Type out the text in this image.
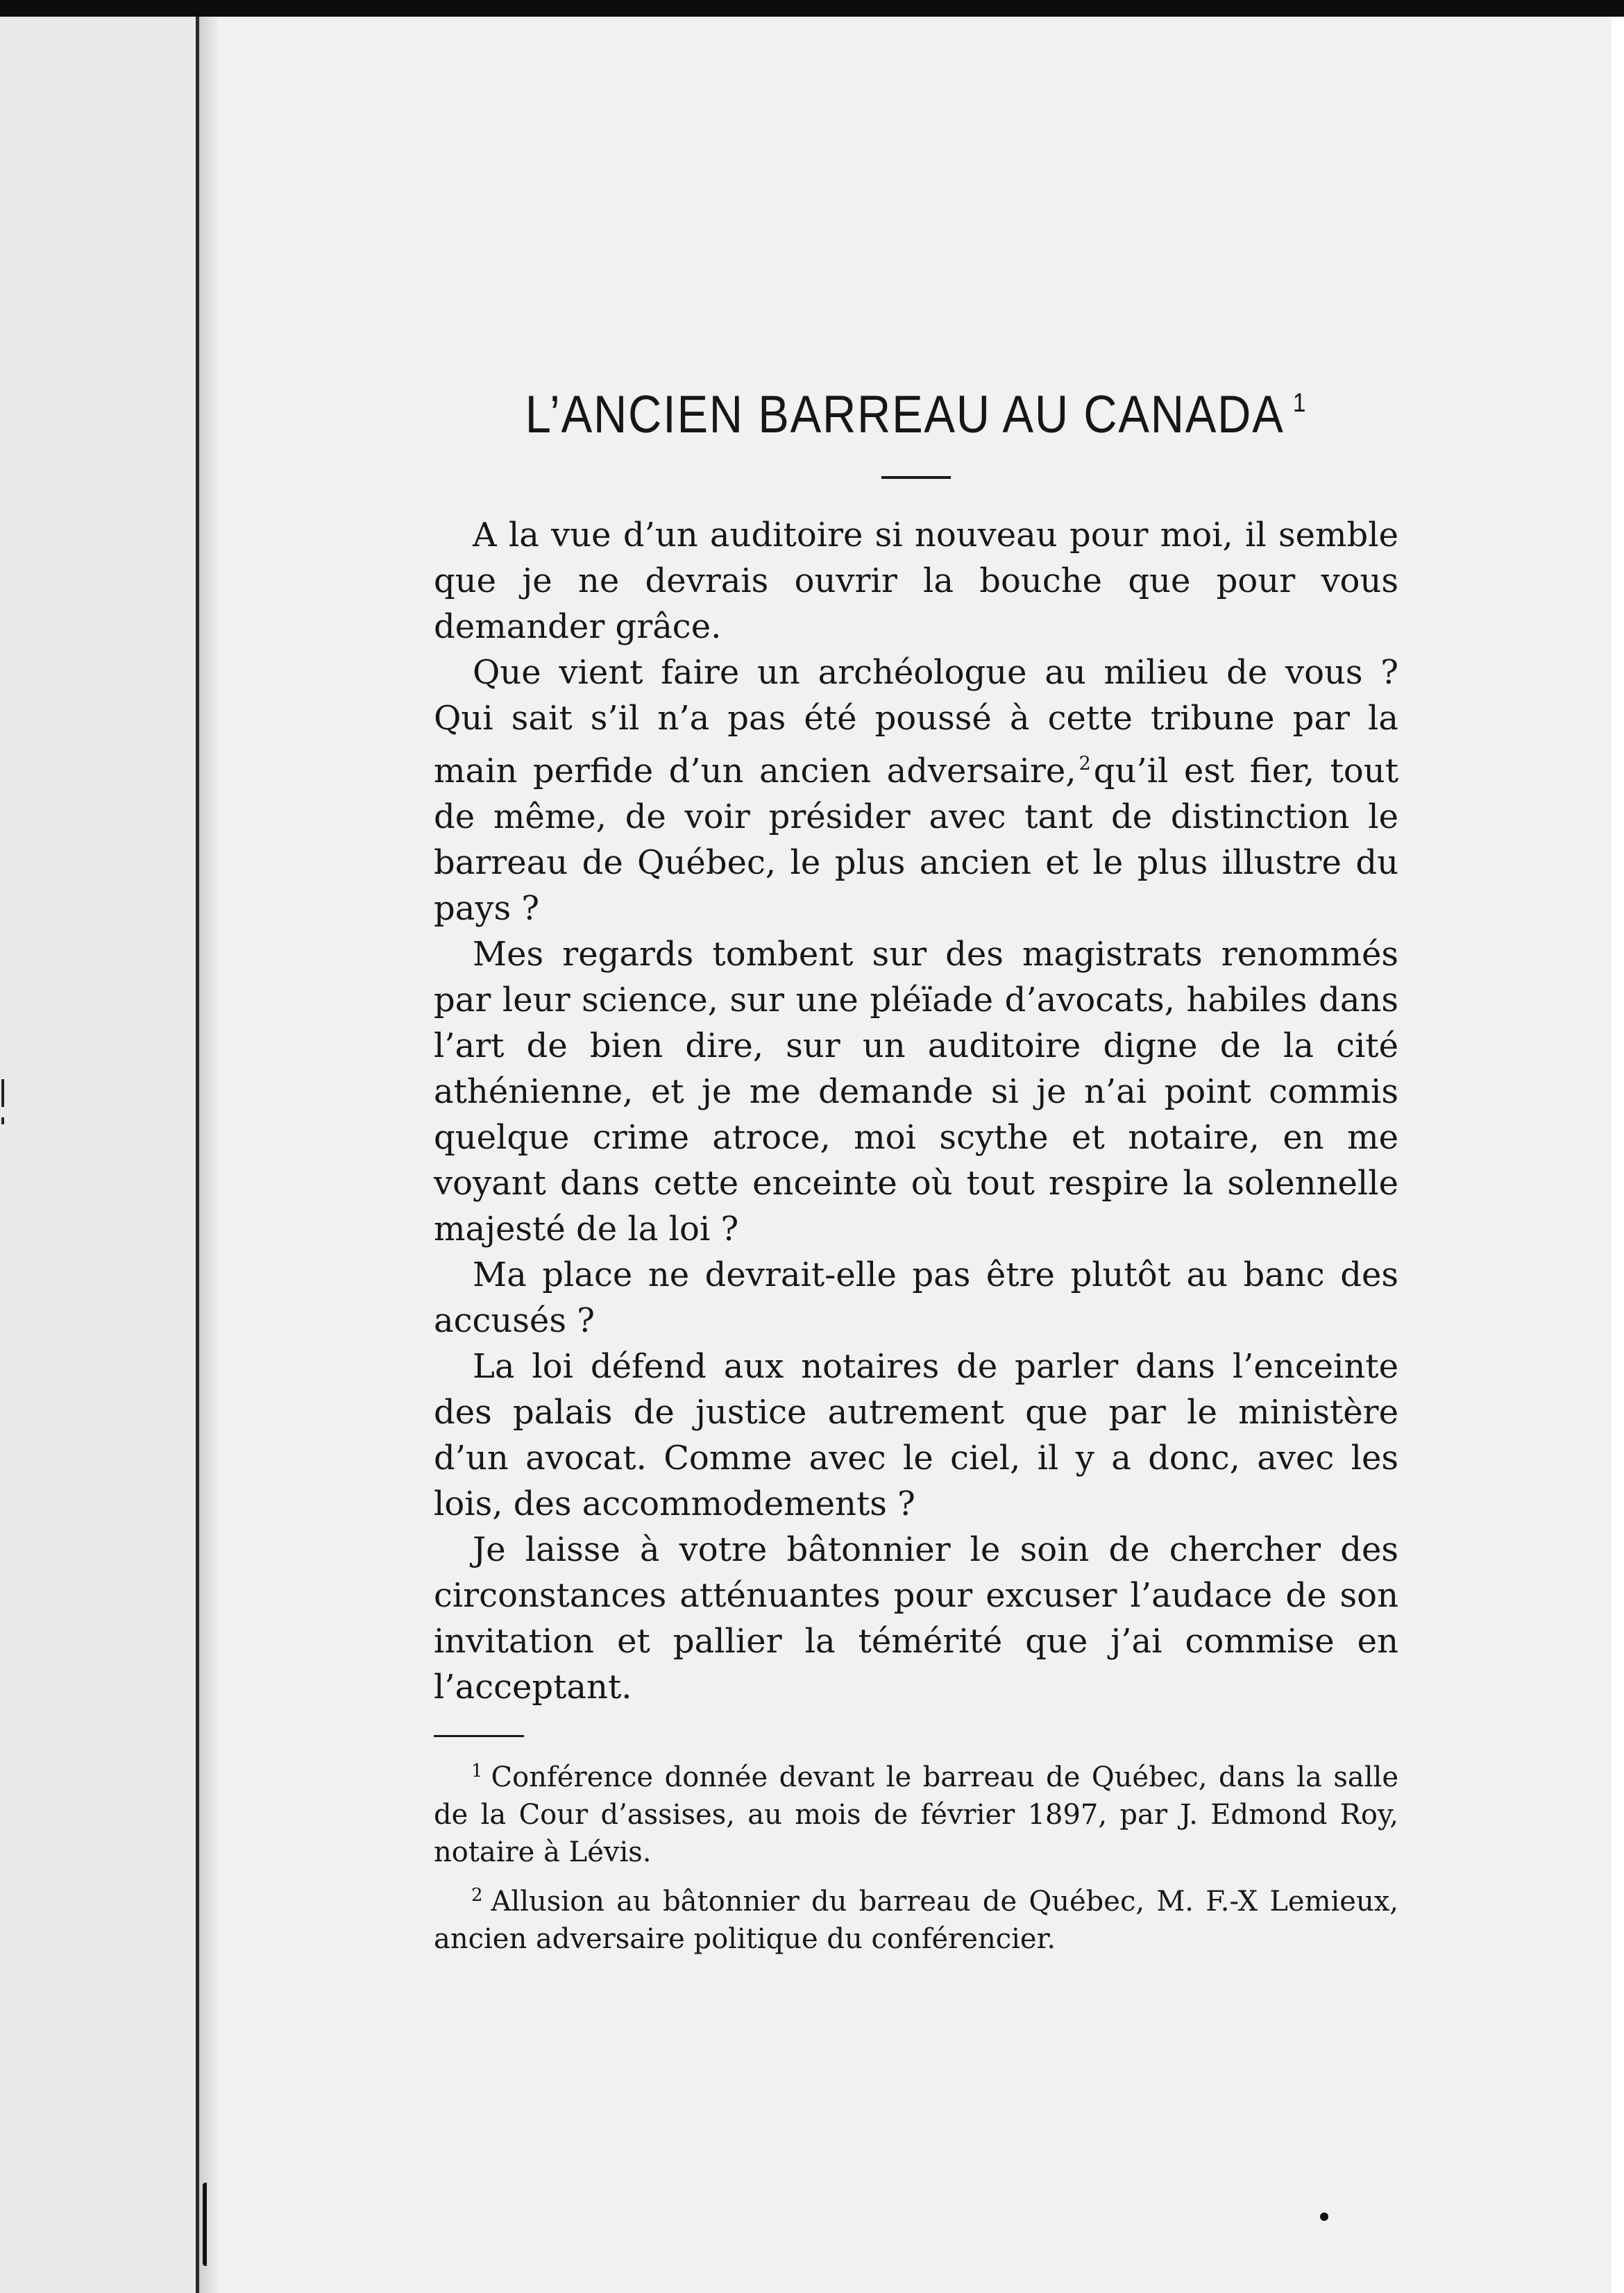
L’ANCIEN BARREAU AU CANADA $^1$

A la vue d’un auditoire si nouveau pour moi, il semble que je ne devrais ouvrir la bouche que pour vous demander grâce.

Que vient faire un archéologue au milieu de vous ? Qui sait s’il n’a pas été poussé à cette tribune par la main perfide d’un ancien adversaire, $^2$qu’il est fier, tout de même, de voir présider avec tant de distinction le barreau de Québec, le plus ancien et le plus illustre du pays ?

Mes regards tombent sur des magistrats renommés par leur science, sur une pléïade d’avocats, habiles dans l’art de bien dire, sur un auditoire digne de la cité athénienne, et je me demande si je n’ai point commis quelque crime atroce, moi scythe et notaire, en me voyant dans cette enceinte où tout respire la solennelle majesté de la loi ?

Ma place ne devrait-elle pas être plutôt au banc des accusés ?

La loi défend aux notaires de parler dans l’enceinte des palais de justice autrement que par le ministère d’un avocat. Comme avec le ciel, il y a donc, avec les lois, des accommodements ?

Je laisse à votre bâtonnier le soin de chercher des circonstances atténuantes pour excuser l’audace de son invitation et pallier la témérité que j’ai commise en l’acceptant.

$^1$ Conférence donnée devant le barreau de Québec, dans la salle de la Cour d’assises, au mois de février 1897, par J. Edmond Roy, notaire à Lévis.

$^2$ Allusion au bâtonnier du barreau de Québec, M. F.-X Lemieux, ancien adversaire politique du conférencier.
